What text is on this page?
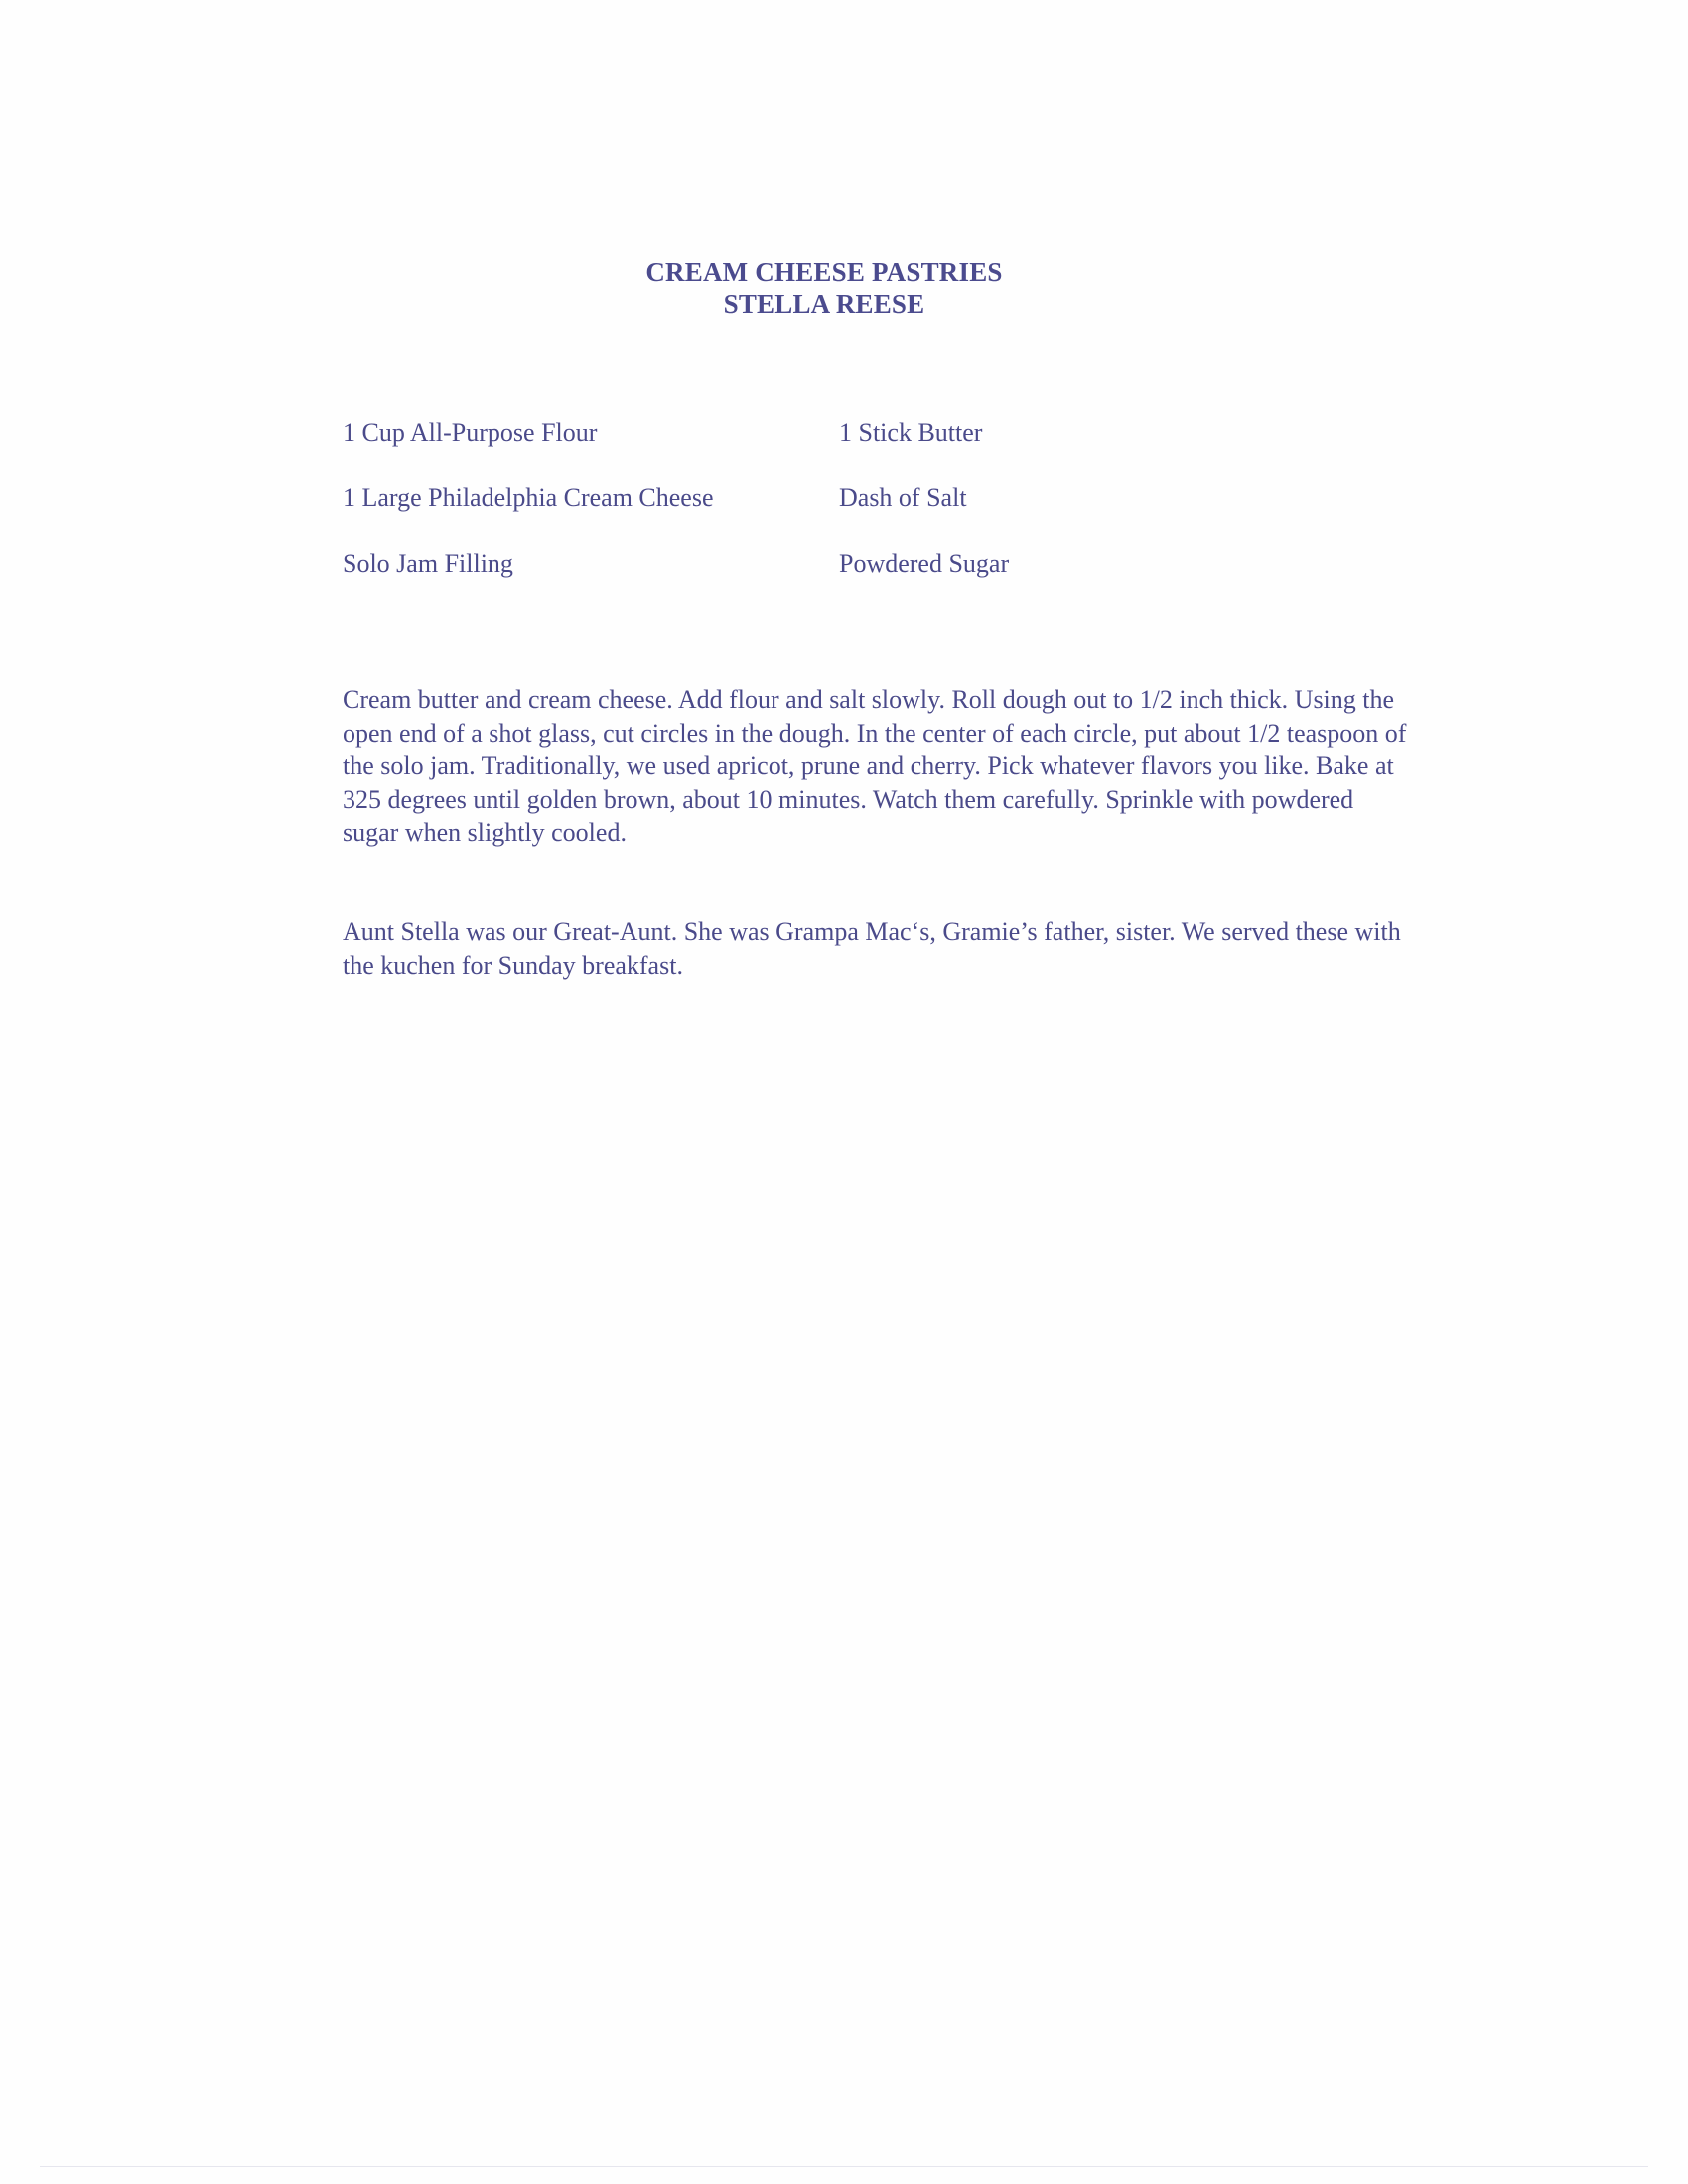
CREAM CHEESE PASTRIES
STELLA REESE
1 Cup All-Purpose Flour	1 Stick Butter
1 Large Philadelphia Cream Cheese	Dash of Salt
Solo Jam Filling	Powdered Sugar

Cream butter and cream cheese. Add flour and salt slowly. Roll dough out to 1/2 inch thick. Using the open end of a shot glass, cut circles in the dough. In the center of each circle, put about 1/2 teaspoon of the solo jam. Traditionally, we used apricot, prune and cherry. Pick whatever flavors you like. Bake at 325 degrees until golden brown, about 10 minutes. Watch them carefully. Sprinkle with powdered sugar when slightly cooled.

Aunt Stella was our Great-Aunt. She was Grampa Mac‘s, Gramie’s father, sister. We served these with the kuchen for Sunday breakfast.
